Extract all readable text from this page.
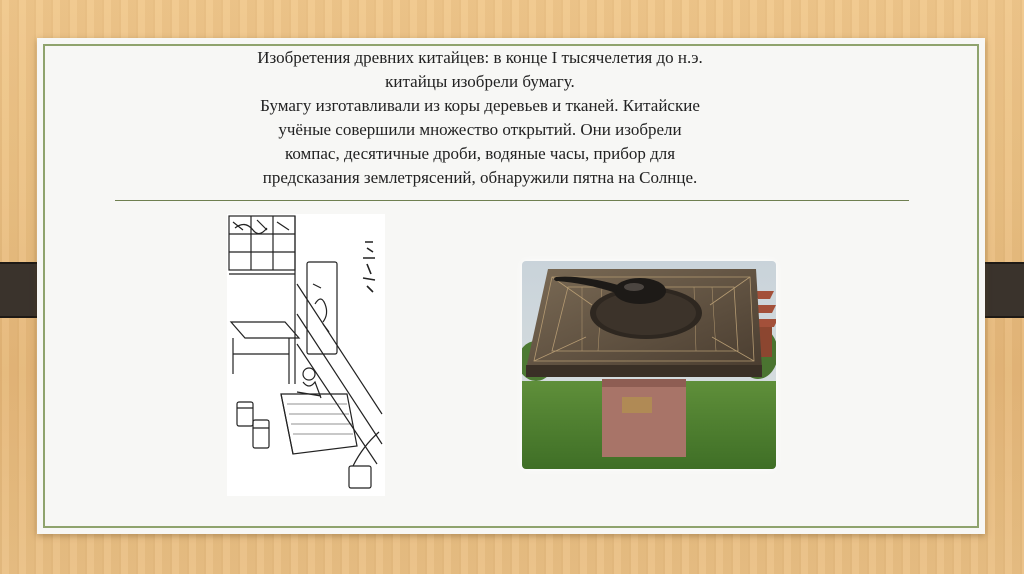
Изобретения древних китайцев: в конце I тысячелетия до н.э.

китайцы изобрели бумагу.

Бумагу изготавливали из коры деревьев и тканей. Китайские

учёные совершили множество открытий. Они изобрели

компас, десятичные дроби, водяные часы, прибор для

предсказания землетрясений, обнаружили пятна на Солнце.
